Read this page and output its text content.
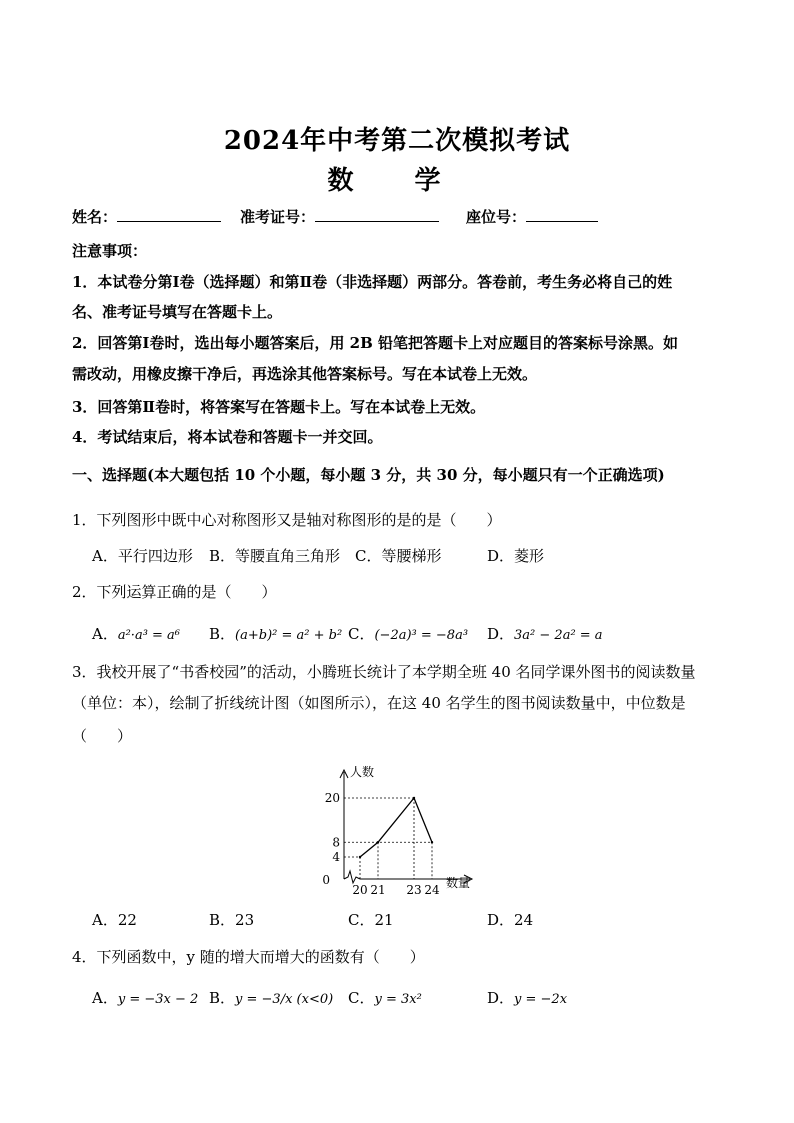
2024年中考第二次模拟考试
数 学
姓名：	准考证号：	座位号：
注意事项：
1．本试卷分第Ⅰ卷（选择题）和第Ⅱ卷（非选择题）两部分。答卷前，考生务必将自己的姓
名、准考证号填写在答题卡上。
2．回答第Ⅰ卷时，选出每小题答案后，用 2B 铅笔把答题卡上对应题目的答案标号涂黑。如
需改动，用橡皮擦干净后，再选涂其他答案标号。写在本试卷上无效。
3．回答第Ⅱ卷时，将答案写在答题卡上。写在本试卷上无效。
4．考试结束后，将本试卷和答题卡一并交回。
一、选择题(本大题包括 10 个小题，每小题 3 分，共 30 分，每小题只有一个正确选项)
1．下列图形中既中心对称图形又是轴对称图形的是的是（　　）
A．平行四边形 B．等腰直角三角形 C．等腰梯形	D．菱形
2．下列运算正确的是（　　）
A．a²·a³ = a⁶ B．(a+b)² = a² + b² C．(−2a)³ = −8a³ D．3a² − 2a² = a
3．我校开展了“书香校园”的活动，小腾班长统计了本学期全班 40 名同学课外图书的阅读数量
（单位：本），绘制了折线统计图（如图所示），在这 40 名学生的图书阅读数量中，中位数是
（　　）
人数
数量
20
8
4
0
20 21 23 24
A．22	B．23	C．21	D．24
4．下列函数中，y 随的增大而增大的函数有（　　）
A．y = −3x − 2 B．y = −3/x (x<0) C．y = 3x²	D．y = −2x
